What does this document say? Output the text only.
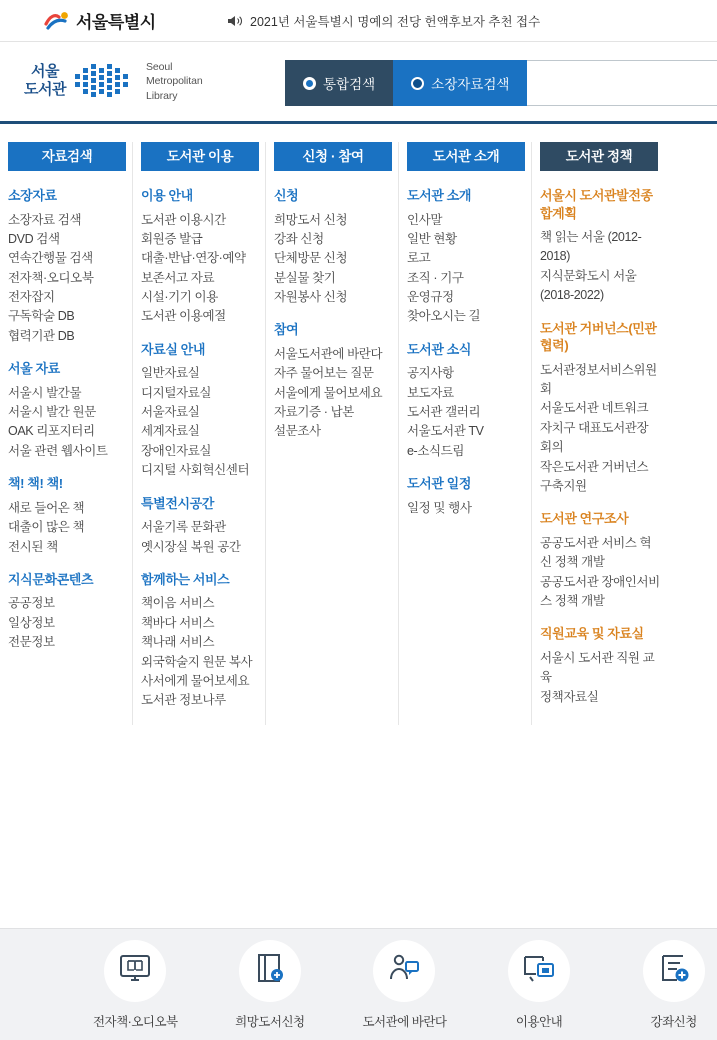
서울특별시	2021년 서울특별시 명예의 전당 헌액후보자 추천 접수
서울
도서관
Seoul
Metropolitan
Library
통합검색	소장자료검색
자료검색
소장자료
소장자료 검색
DVD 검색
연속간행물 검색
전자책·오디오북
전자잡지
구독학술 DB
협력기관 DB
서울 자료
서울시 발간물
서울시 발간 원문
OAK 리포지터리
서울 관련 웹사이트
책! 책! 책!
새로 들어온 책
대출이 많은 책
전시된 책
지식문화콘텐츠
공공정보
일상정보
전문정보
도서관 이용
이용 안내
도서관 이용시간
회원증 발급
대출·반납·연장·예약
보존서고 자료
시설·기기 이용
도서관 이용예절
자료실 안내
일반자료실
디지털자료실
서울자료실
세계자료실
장애인자료실
디지털 사회혁신센터
특별전시공간
서울기록 문화관
옛시장실 복원 공간
함께하는 서비스
책이음 서비스
책바다 서비스
책나래 서비스
외국학술지 원문 복사
사서에게 물어보세요
도서관 정보나루
신청 · 참여
신청
희망도서 신청
강좌 신청
단체방문 신청
분실물 찾기
자원봉사 신청
참여
서울도서관에 바란다
자주 물어보는 질문
서울에게 물어보세요
자료기증 · 납본
설문조사
도서관 소개
도서관 소개
인사말
일반 현황
로고
조직 · 기구
운영규정
찾아오시는 길
도서관 소식
공지사항
보도자료
도서관 갤러리
서울도서관 TV
e-소식드림
도서관 일정
일정 및 행사
도서관 정책
서울시 도서관발전종합계획
책 읽는 서울 (2012-2018)
지식문화도시 서울 (2018-2022)
도서관 거버넌스(민관협력)
도서관정보서비스위원회
서울도서관 네트워크
자치구 대표도서관장 회의
작은도서관 거버넌스
구축지원
도서관 연구조사
공공도서관 서비스 혁신 정책 개발
공공도서관 장애인서비스 정책 개발
직원교육 및 자료실
서울시 도서관 직원 교육
정책자료실
전자책·오디오북	희망도서신청	도서관에 바란다	이용안내	강좌신청
